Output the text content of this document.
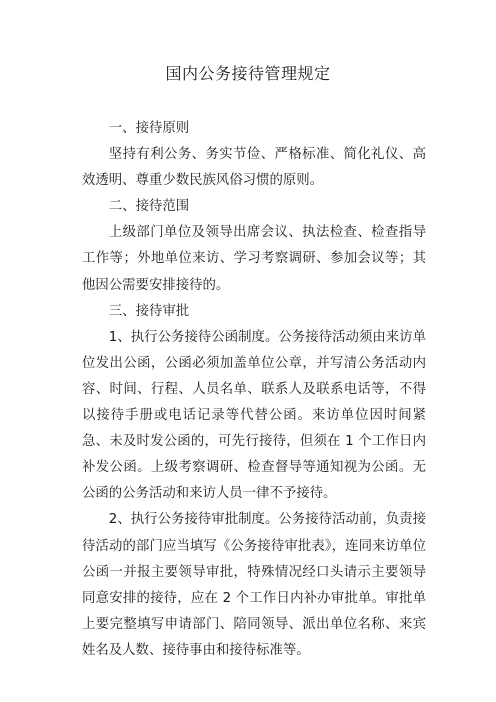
国内公务接待管理规定

一、接待原则

坚持有利公务、务实节俭、严格标准、简化礼仪、高效透明、尊重少数民族风俗习惯的原则。

二、接待范围

上级部门单位及领导出席会议、执法检查、检查指导工作等；外地单位来访、学习考察调研、参加会议等；其他因公需要安排接待的。

三、接待审批

1、执行公务接待公函制度。公务接待活动须由来访单位发出公函，公函必须加盖单位公章，并写清公务活动内容、时间、行程、人员名单、联系人及联系电话等，不得以接待手册或电话记录等代替公函。来访单位因时间紧急、未及时发公函的，可先行接待，但须在 1 个工作日内补发公函。上级考察调研、检查督导等通知视为公函。无公函的公务活动和来访人员一律不予接待。

2、执行公务接待审批制度。公务接待活动前，负责接待活动的部门应当填写《公务接待审批表》，连同来访单位公函一并报主要领导审批，特殊情况经口头请示主要领导同意安排的接待，应在 2 个工作日内补办审批单。审批单上要完整填写申请部门、陪同领导、派出单位名称、来宾姓名及人数、接待事由和接待标准等。
